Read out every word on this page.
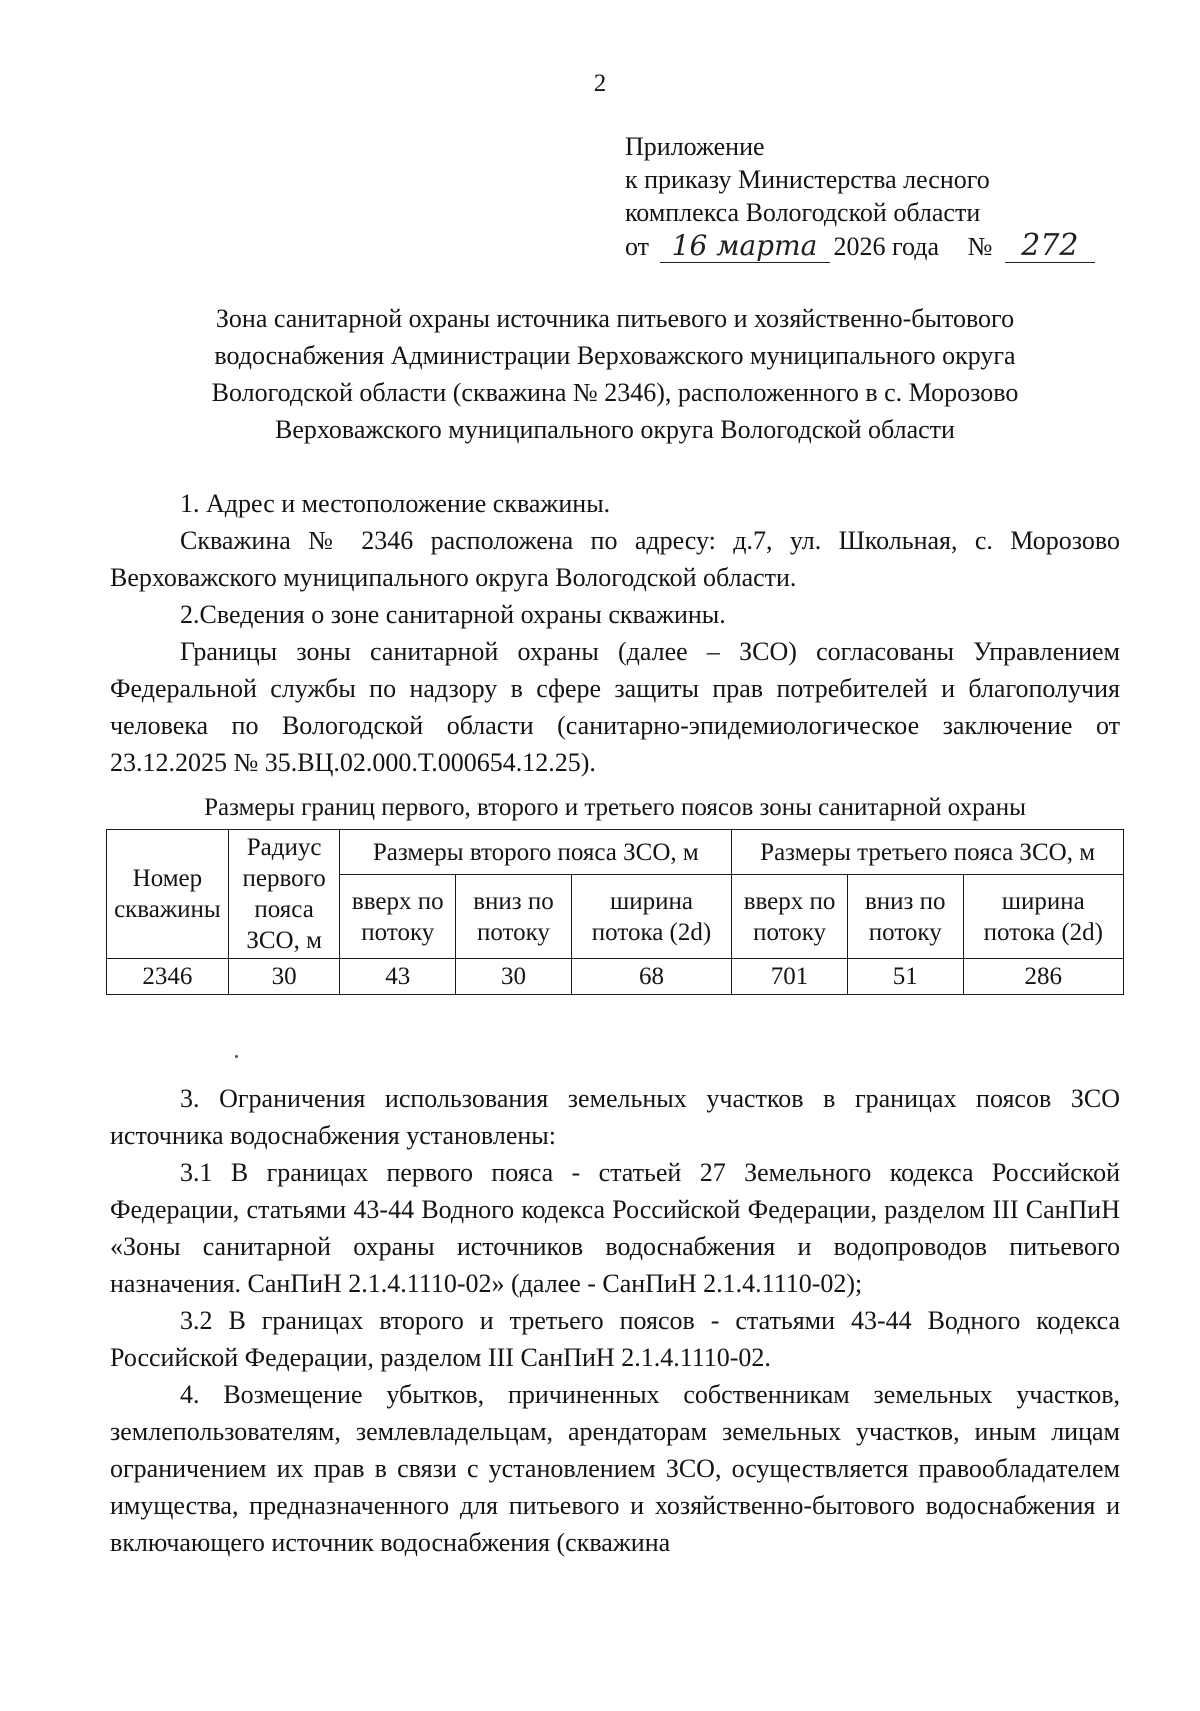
2
Приложение
к приказу Министерства лесного
комплекса Вологодской области
от 16 марта 2026 года № 272
Зона санитарной охраны источника питьевого и хозяйственно-бытового
водоснабжения Администрации Верховажского муниципального округа
Вологодской области (скважина № 2346), расположенного в с. Морозово
Верховажского муниципального округа Вологодской области
1. Адрес и местоположение скважины.
Скважина № 2346 расположена по адресу: д.7, ул. Школьная, с. Морозово Верховажского муниципального округа Вологодской области.
2.Сведения о зоне санитарной охраны скважины.
Границы зоны санитарной охраны (далее – ЗСО) согласованы Управлением Федеральной службы по надзору в сфере защиты прав потребителей и благополучия человека по Вологодской области (санитарно-эпидемиологическое заключение от 23.12.2025 № 35.ВЦ.02.000.Т.000654.12.25).
Размеры границ первого, второго и третьего поясов зоны санитарной охраны
Номер скважины	Радиус первого пояса ЗСО, м	Размеры второго пояса ЗСО, м			Размеры третьего пояса ЗСО, м		
		вверх по потоку	вниз по потоку	ширина потока (2d)	вверх по потоку	вниз по потоку	ширина потока (2d)
2346	30	43	30	68	701	51	286
3. Ограничения использования земельных участков в границах поясов ЗСО источника водоснабжения установлены:
3.1 В границах первого пояса - статьей 27 Земельного кодекса Российской Федерации, статьями 43-44 Водного кодекса Российской Федерации, разделом III СанПиН «Зоны санитарной охраны источников водоснабжения и водопроводов питьевого назначения. СанПиН 2.1.4.1110-02» (далее - СанПиН 2.1.4.1110-02);
3.2 В границах второго и третьего поясов - статьями 43-44 Водного кодекса Российской Федерации, разделом III СанПиН 2.1.4.1110-02.
4. Возмещение убытков, причиненных собственникам земельных участков, землепользователям, землевладельцам, арендаторам земельных участков, иным лицам ограничением их прав в связи с установлением ЗСО, осуществляется правообладателем имущества, предназначенного для питьевого и хозяйственно-бытового водоснабжения и включающего источник водоснабжения (скважина
